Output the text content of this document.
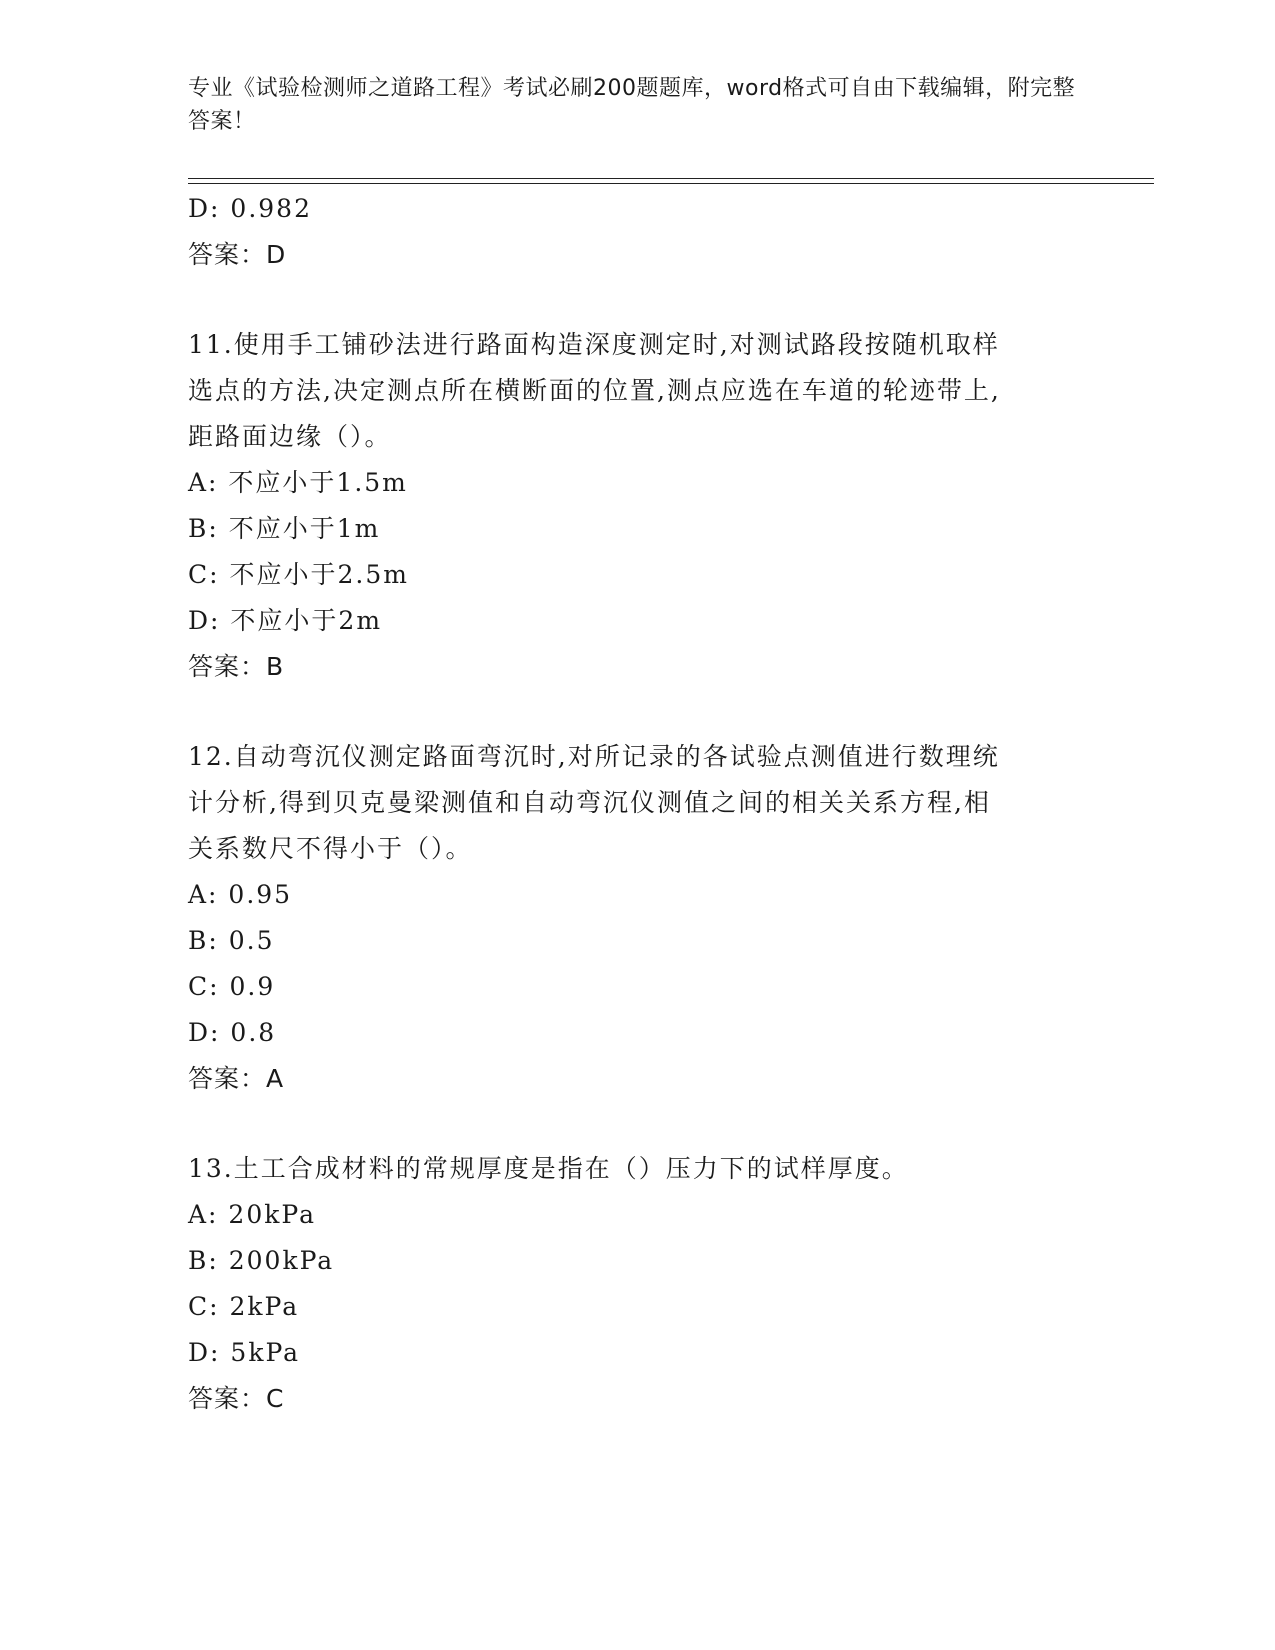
专业《试验检测师之道路工程》考试必刷200题题库，word格式可自由下载编辑，附完整答案！
D: 0.982
答案：D
11.使用手工铺砂法进行路面构造深度测定时,对测试路段按随机取样
选点的方法,决定测点所在横断面的位置,测点应选在车道的轮迹带上,
距路面边缘（）。
A: 不应小于1.5m
B: 不应小于1m
C: 不应小于2.5m
D: 不应小于2m
答案：B
12.自动弯沉仪测定路面弯沉时,对所记录的各试验点测值进行数理统
计分析,得到贝克曼梁测值和自动弯沉仪测值之间的相关关系方程,相
关系数尺不得小于（）。
A: 0.95
B: 0.5
C: 0.9
D: 0.8
答案：A
13.土工合成材料的常规厚度是指在（）压力下的试样厚度。
A: 20kPa
B: 200kPa
C: 2kPa
D: 5kPa
答案：C
